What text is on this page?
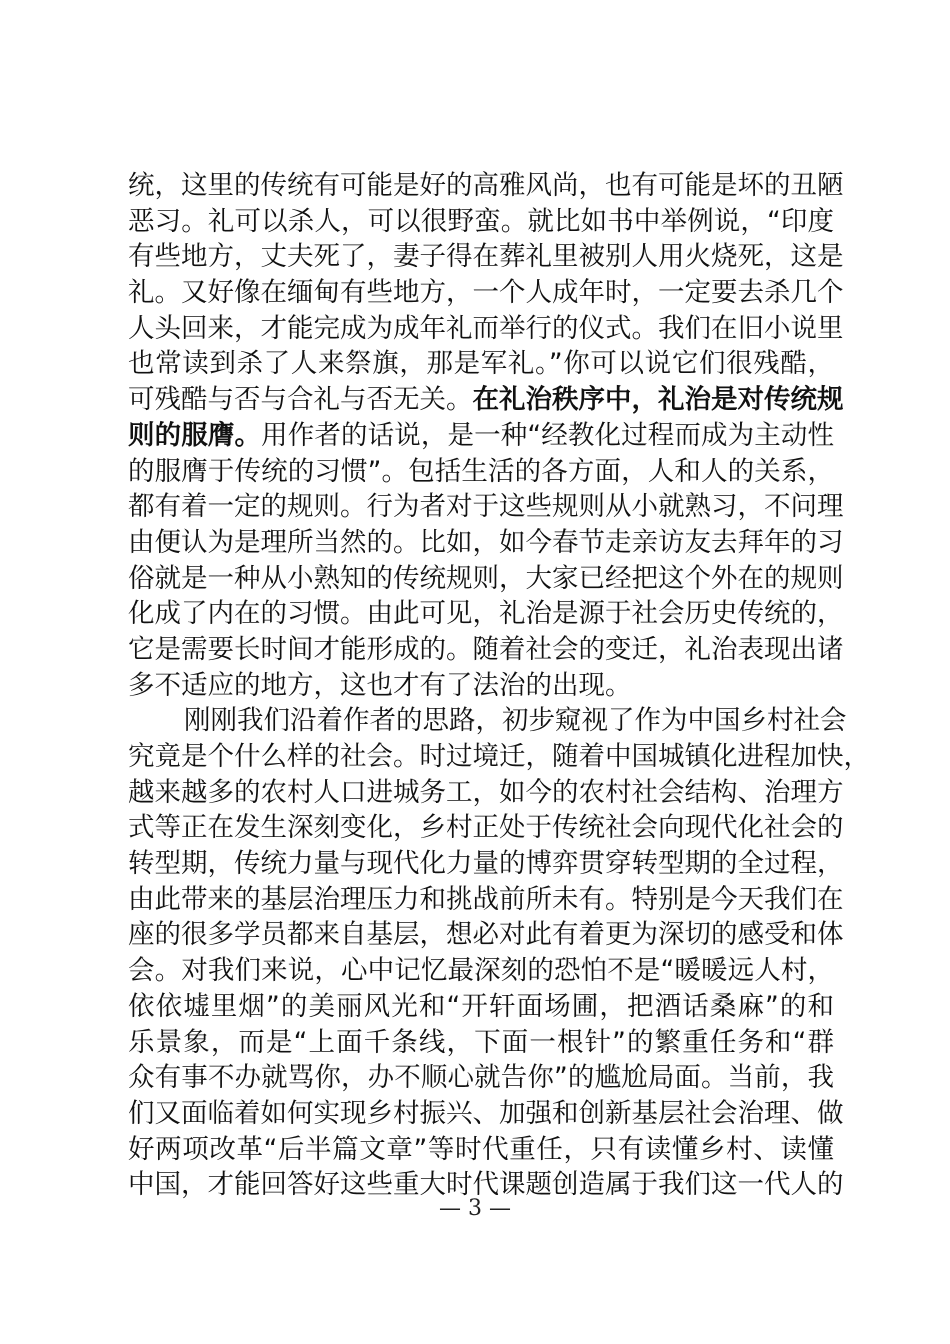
统，这里的传统有可能是好的高雅风尚，也有可能是坏的丑陋
恶习。礼可以杀人，可以很野蛮。就比如书中举例说，“印度
有些地方，丈夫死了，妻子得在葬礼里被别人用火烧死，这是
礼。又好像在缅甸有些地方，一个人成年时，一定要去杀几个
人头回来，才能完成为成年礼而举行的仪式。我们在旧小说里
也常读到杀了人来祭旗，那是军礼。”你可以说它们很残酷，
可残酷与否与合礼与否无关。在礼治秩序中，礼治是对传统规
则的服膺。用作者的话说，是一种“经教化过程而成为主动性
的服膺于传统的习惯”。包括生活的各方面，人和人的关系，
都有着一定的规则。行为者对于这些规则从小就熟习，不问理
由便认为是理所当然的。比如，如今春节走亲访友去拜年的习
俗就是一种从小熟知的传统规则，大家已经把这个外在的规则
化成了内在的习惯。由此可见，礼治是源于社会历史传统的，
它是需要长时间才能形成的。随着社会的变迁，礼治表现出诸
多不适应的地方，这也才有了法治的出现。
刚刚我们沿着作者的思路，初步窥视了作为中国乡村社会
究竟是个什么样的社会。时过境迁，随着中国城镇化进程加快，
越来越多的农村人口进城务工，如今的农村社会结构、治理方
式等正在发生深刻变化，乡村正处于传统社会向现代化社会的
转型期，传统力量与现代化力量的博弈贯穿转型期的全过程，
由此带来的基层治理压力和挑战前所未有。特别是今天我们在
座的很多学员都来自基层，想必对此有着更为深切的感受和体
会。对我们来说，心中记忆最深刻的恐怕不是“暖暖远人村，
依依墟里烟”的美丽风光和“开轩面场圃，把酒话桑麻”的和
乐景象，而是“上面千条线，下面一根针”的繁重任务和“群
众有事不办就骂你，办不顺心就告你”的尴尬局面。当前，我
们又面临着如何实现乡村振兴、加强和创新基层社会治理、做
好两项改革“后半篇文章”等时代重任，只有读懂乡村、读懂
中国，才能回答好这些重大时代课题创造属于我们这一代人的
— 3 —
